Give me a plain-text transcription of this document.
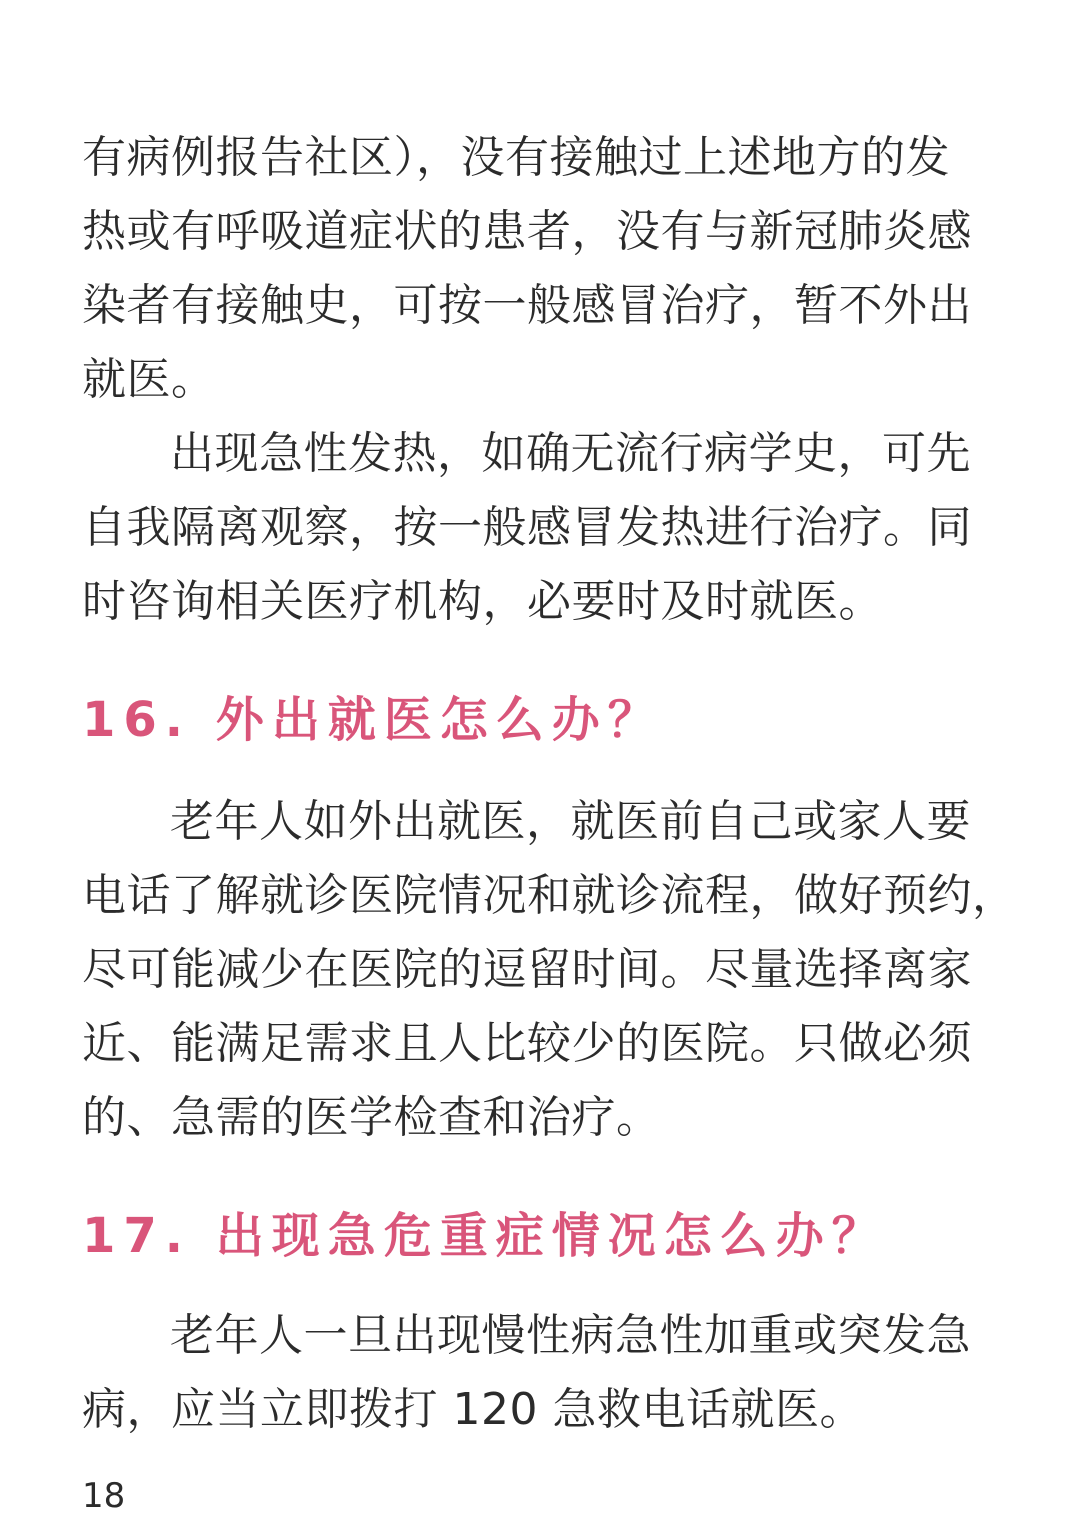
有病例报告社区），没有接触过上述地方的发
热或有呼吸道症状的患者，没有与新冠肺炎感
染者有接触史，可按一般感冒治疗，暂不外出
就医。
出现急性发热，如确无流行病学史，可先
自我隔离观察，按一般感冒发热进行治疗。同
时咨询相关医疗机构，必要时及时就医。
16. 外出就医怎么办？
老年人如外出就医，就医前自己或家人要
电话了解就诊医院情况和就诊流程，做好预约，
尽可能减少在医院的逗留时间。尽量选择离家
近、能满足需求且人比较少的医院。只做必须
的、急需的医学检查和治疗。
17. 出现急危重症情况怎么办？
老年人一旦出现慢性病急性加重或突发急
病，应当立即拨打 120 急救电话就医。
18
